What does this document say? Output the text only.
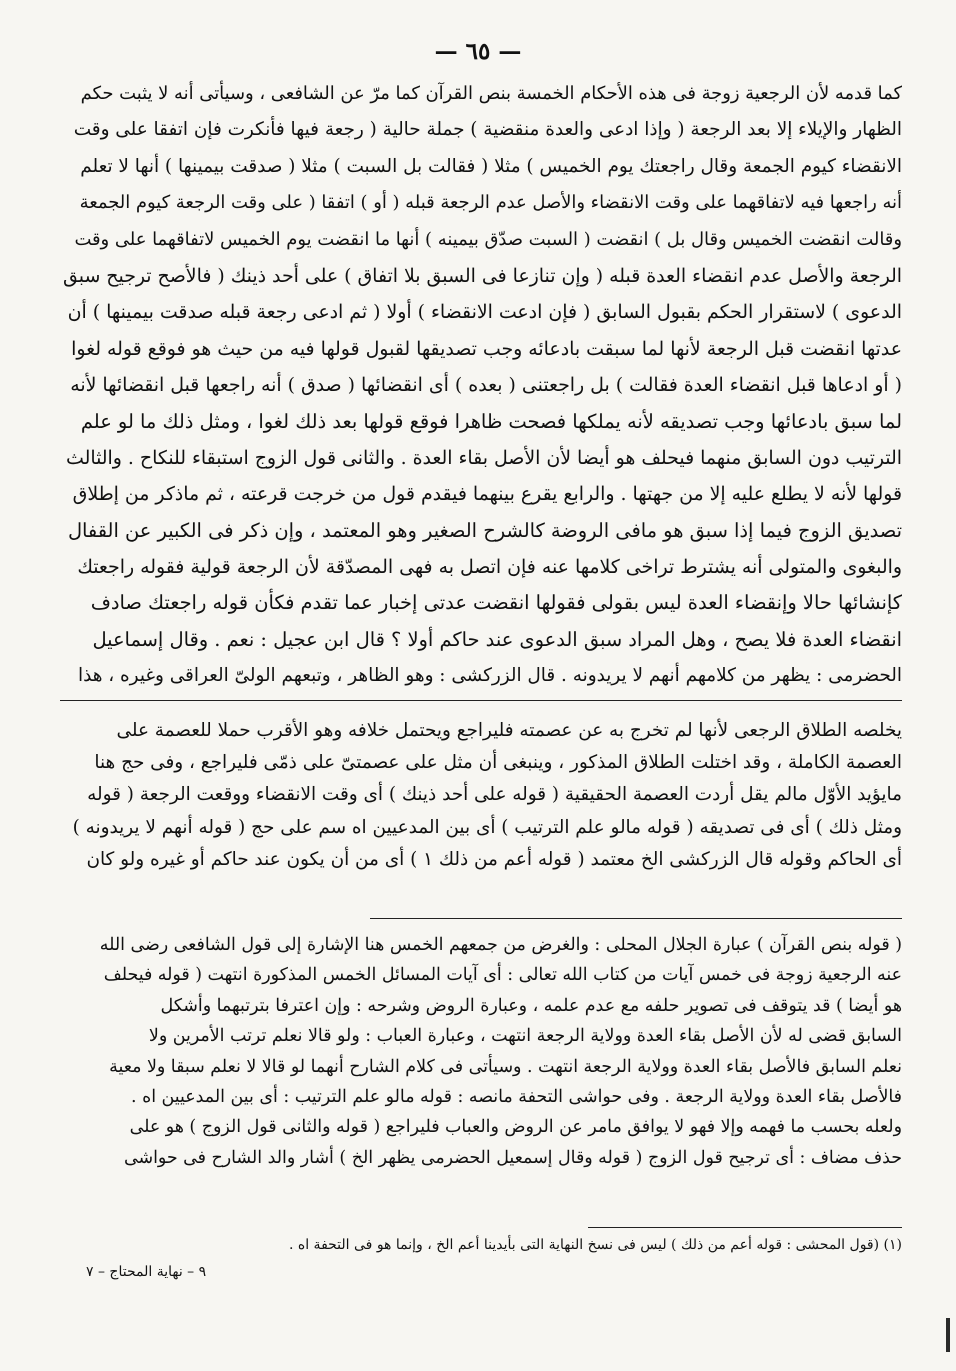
— ٦٥ —
كما قدمه لأن الرجعية زوجة فى هذه الأحكام الخمسة بنص القرآن كما مرّ عن الشافعى ، وسيأتى أنه لا يثبت حكم
الظهار والإيلاء إلا بعد الرجعة ( وإذا ادعى والعدة منقضية ) جملة حالية ( رجعة فيها فأنكرت فإن اتفقا على وقت
الانقضاء كيوم الجمعة وقال راجعتك يوم الخميس ) مثلا ( فقالت بل السبت ) مثلا ( صدقت بيمينها ) أنها لا تعلم
أنه راجعها فيه لاتفاقهما على وقت الانقضاء والأصل عدم الرجعة قبله ( أو ) اتفقا ( على وقت الرجعة كيوم الجمعة
وقالت انقضت الخميس وقال بل ) انقضت ( السبت صدّق بيمينه ) أنها ما انقضت يوم الخميس لاتفاقهما على وقت
الرجعة والأصل عدم انقضاء العدة قبله ( وإن تنازعا فى السبق بلا اتفاق ) على أحد ذينك ( فالأصح ترجيح سبق
الدعوى ) لاستقرار الحكم بقبول السابق ( فإن ادعت الانقضاء ) أولا ( ثم ادعى رجعة قبله صدقت بيمينها ) أن
عدتها انقضت قبل الرجعة لأنها لما سبقت بادعائه وجب تصديقها لقبول قولها فيه من حيث هو فوقع قوله لغوا
( أو ادعاها قبل انقضاء العدة فقالت ) بل راجعتنى ( بعده ) أى انقضائها ( صدق ) أنه راجعها قبل انقضائها لأنه
لما سبق بادعائها وجب تصديقه لأنه يملكها فصحت ظاهرا فوقع قولها بعد ذلك لغوا ، ومثل ذلك ما لو علم
الترتيب دون السابق منهما فيحلف هو أيضا لأن الأصل بقاء العدة . والثانى قول الزوج استبقاء للنكاح . والثالث
قولها لأنه لا يطلع عليه إلا من جهتها . والرابع يقرع بينهما فيقدم قول من خرجت قرعته ، ثم ماذكر من إطلاق
تصديق الزوج فيما إذا سبق هو مافى الروضة كالشرح الصغير وهو المعتمد ، وإن ذكر فى الكبير عن القفال
والبغوى والمتولى أنه يشترط تراخى كلامها عنه فإن اتصل به فهى المصدّقة لأن الرجعة قولية فقوله راجعتك
كإنشائها حالا وإنقضاء العدة ليس بقولى فقولها انقضت عدتى إخبار عما تقدم فكأن قوله راجعتك صادف
انقضاء العدة فلا يصح ، وهل المراد سبق الدعوى عند حاكم أولا ؟ قال ابن عجيل : نعم . وقال إسماعيل
الحضرمى : يظهر من كلامهم أنهم لا يريدونه . قال الزركشى : وهو الظاهر ، وتبعهم الولىّ العراقى وغيره ، هذا
يخلصه الطلاق الرجعى لأنها لم تخرج به عن عصمته فليراجع ويحتمل خلافه وهو الأقرب حملا للعصمة على
العصمة الكاملة ، وقد اختلت الطلاق المذكور ، وينبغى أن مثل على عصمتىّ على ذمّى فليراجع ، وفى حج هنا
مايؤيد الأوّل مالم يقل أردت العصمة الحقيقية ( قوله على أحد ذينك ) أى وقت الانقضاء ووقعت الرجعة ( قوله
ومثل ذلك ) أى فى تصديقه ( قوله مالو علم الترتيب ) أى بين المدعيين اه سم على حج ( قوله أنهم لا يريدونه )
أى الحاكم وقوله قال الزركشى الخ معتمد ( قوله أعم من ذلك ١ ) أى من أن يكون عند حاكم أو غيره ولو كان
( قوله بنص القرآن ) عبارة الجلال المحلى : والغرض من جمعهم الخمس هنا الإشارة إلى قول الشافعى رضى الله
عنه الرجعية زوجة فى خمس آيات من كتاب الله تعالى : أى آيات المسائل الخمس المذكورة انتهت ( قوله فيحلف
هو أيضا ) قد يتوقف فى تصوير حلفه مع عدم علمه ، وعبارة الروض وشرحه : وإن اعترفا بترتبهما وأشكل
السابق قضى له لأن الأصل بقاء العدة وولاية الرجعة انتهت ، وعبارة العباب : ولو قالا نعلم ترتب الأمرين ولا
نعلم السابق فالأصل بقاء العدة وولاية الرجعة انتهت . وسيأتى فى كلام الشارح أنهما لو قالا لا نعلم سبقا ولا معية
فالأصل بقاء العدة وولاية الرجعة . وفى حواشى التحفة مانصه : قوله مالو علم الترتيب : أى بين المدعيين اه .
ولعله بحسب ما فهمه وإلا فهو لا يوافق مامر عن الروض والعباب فليراجع ( قوله والثانى قول الزوج ) هو على
حذف مضاف : أى ترجيح قول الزوج ( قوله وقال إسمعيل الحضرمى يظهر الخ ) أشار والد الشارح فى حواشى
(١) (قول المحشى : قوله أعم من ذلك ) ليس فى نسخ النهاية التى بأيدينا أعم الخ ، وإنما هو فى التحفة اه .
٩ – نهاية المحتاج – ٧
